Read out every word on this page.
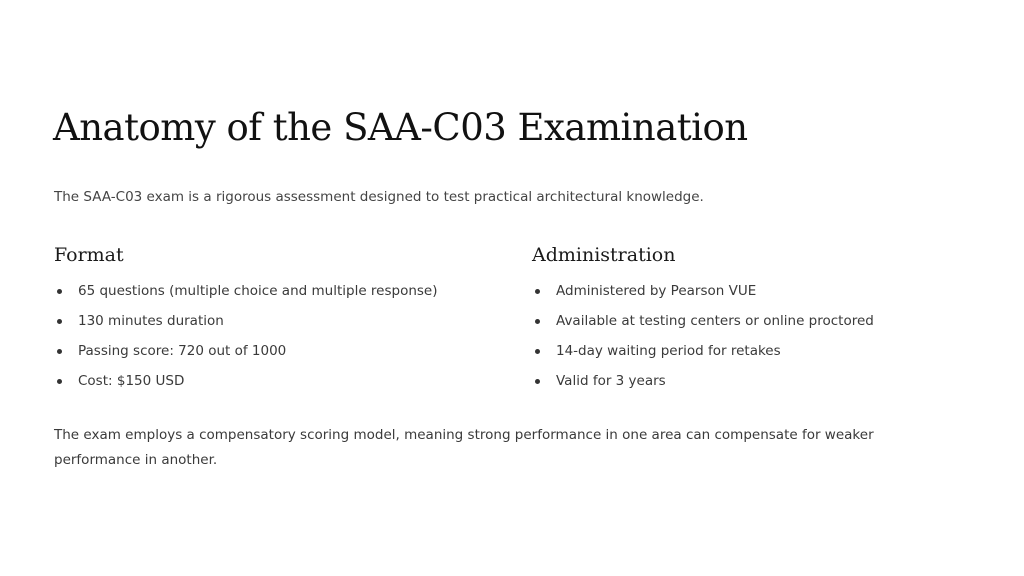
Anatomy of the SAA-C03 Examination

The SAA-C03 exam is a rigorous assessment designed to test practical architectural knowledge.

Format
65 questions (multiple choice and multiple response)
130 minutes duration
Passing score: 720 out of 1000
Cost: $150 USD
Administration
Administered by Pearson VUE
Available at testing centers or online proctored
14-day waiting period for retakes
Valid for 3 years

The exam employs a compensatory scoring model, meaning strong performance in one area can compensate for weaker performance in another.
